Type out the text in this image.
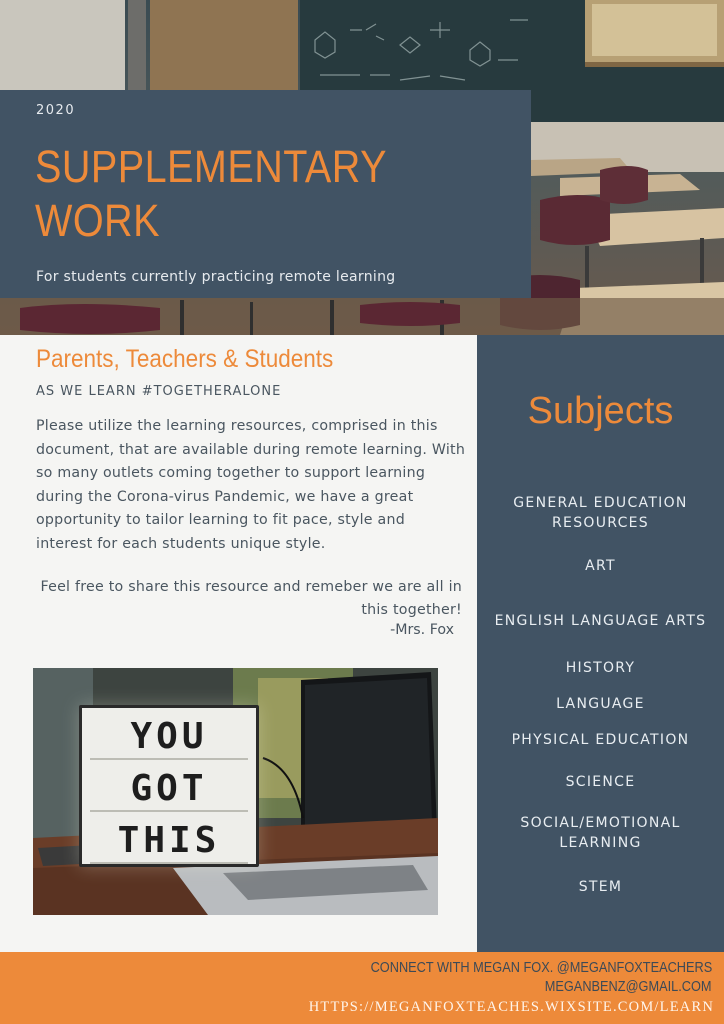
2020
SUPPLEMENTARY
WORK
For students currently practicing remote learning
Parents, Teachers & Students
AS WE LEARN #TOGETHERALONE
Please utilize the learning resources, comprised in this document, that are available during remote learning. With so many outlets coming together to support learning during the Corona-virus Pandemic, we have a great opportunity to tailor learning to fit pace, style and interest for each students unique style.
Feel free to share this resource and remeber we are all in this together!
-Mrs. Fox
YOU
GOT
THIS
Subjects
GENERAL EDUCATION RESOURCES
ART
ENGLISH LANGUAGE ARTS
HISTORY
LANGUAGE
PHYSICAL EDUCATION
SCIENCE
SOCIAL/EMOTIONAL LEARNING
STEM
CONNECT WITH MEGAN FOX. @MEGANFOXTEACHERS
MEGANBENZ@GMAIL.COM
HTTPS://MEGANFOXTEACHES.WIXSITE.COM/LEARN
